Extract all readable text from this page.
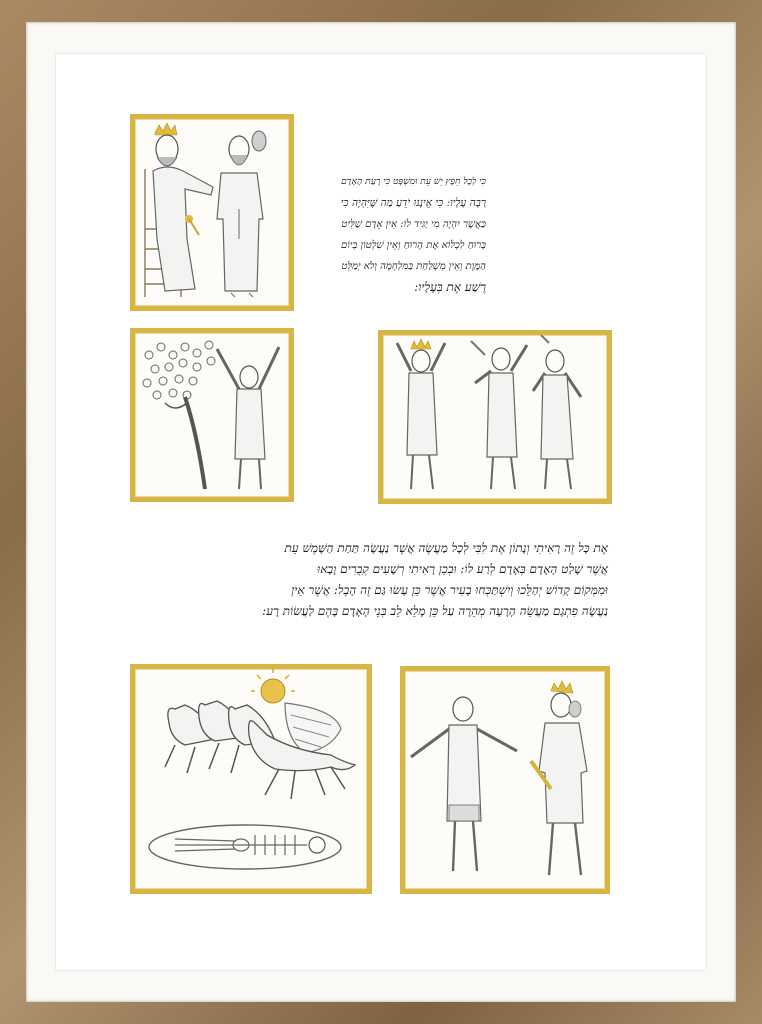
כִּי לְכָל חֵפֶץ יֵשׁ עֵת וּמִשְׁפָּט כִּי רָעַת הָאָדָם

רַבָּה עָלָיו: כִּי אֵינֶנּוּ יֹדֵעַ מַה שֶּׁיִּהְיֶה כִּי

כַּאֲשֶׁר יִהְיֶה מִי יַגִּיד לוֹ: אֵין אָדָם שַׁלִּיט

בָּרוּחַ לִכְלוֹא אֶת הָרוּחַ וְאֵין שִׁלְטוֹן בְּיוֹם

הַמָּוֶת וְאֵין מִשְׁלַחַת בַּמִּלְחָמָה וְלֹא יְמַלֵּט

רֶשַׁע אֶת בְּעָלָיו:

אֶת כָּל זֶה רָאִיתִי וְנָתוֹן אֶת לִבִּי לְכָל מַעֲשֶׂה אֲשֶׁר נַעֲשָׂה תַּחַת הַשָּׁמֶשׁ עֵת

אֲשֶׁר שָׁלַט הָאָדָם בְּאָדָם לְרַע לוֹ: וּבְכֵן רָאִיתִי רְשָׁעִים קְבֻרִים וָבָאוּ

וּמִמְּקוֹם קָדוֹשׁ יְהַלֵּכוּ וְיִשְׁתַּכְּחוּ בָעִיר אֲשֶׁר כֵּן עָשׂוּ גַּם זֶה הָבֶל: אֲשֶׁר אֵין

נַעֲשָׂה פִתְגָם מַעֲשֵׂה הָרָעָה מְהֵרָה עַל כֵּן מָלֵא לֵב בְּנֵי הָאָדָם בָּהֶם לַעֲשׂוֹת רָע:
